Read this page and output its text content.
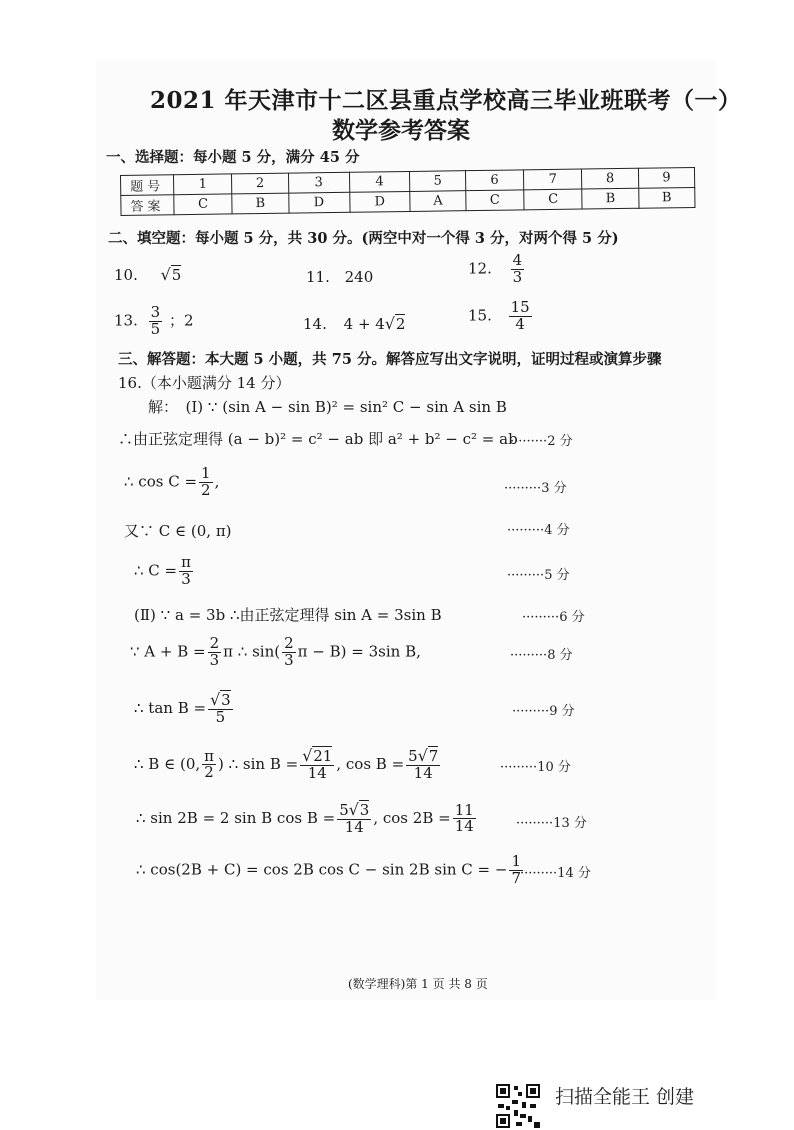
2021 年天津市十二区县重点学校高三毕业班联考（一）
数学参考答案
一、选择题：每小题 5 分，满分 45 分
题号	1	2	3	4	5	6	7	8	9
答案	C	B	D	D	A	C	C	B	B
二、填空题：每小题 5 分，共 30 分。(两空中对一个得 3 分，对两个得 5 分)
10. √5	11. 240	12. $\frac{4}{3}$
13. $\frac{3}{5}$ ；2	14. 4 + 4√2	15. $\frac{15}{4}$
三、解答题：本大题 5 小题，共 75 分。解答应写出文字说明，证明过程或演算步骤
16.（本小题满分 14 分）
解：　(Ⅰ) ∵ (sin A − sin B)² = sin² C − sin A sin B
∴由正弦定理得 (a − b)² = c² − ab 即 a² + b² − c² = ab
·········2 分
∴ $\cos C = \frac{1}{2}$ ,	·········3 分
又∵ C ∈ (0, π)	·········4 分
∴ $C = \frac{\pi}{3}$	·········5 分
(Ⅱ) ∵ a = 3b ∴由正弦定理得 sin A = 3sin B	·········6 分
∵ $A + B = \frac{2}{3}$ π ∴ $\sin( \frac{2}{3}$ π − B) = 3sin B,	·········8 分
∴ $\tan B = \frac{√3}{5}$	·········9 分
∴ B ∈ (0, $\frac{\pi}{2}$ ) ∴ $\sin B = \frac{√21}{14}$ , $\cos B = \frac{5√7}{14}$	·········10 分
∴ sin 2B = 2 sin B $\cos B = \frac{5√3}{14}$ , $\cos 2B = \frac{11}{14}$	·········13 分
∴ cos(2B + C) = cos 2B cos C − sin 2B sin C = − $\frac{1}{7}$
·········14 分
(数学理科)第 1 页 共 8 页
扫描全能王 创建
